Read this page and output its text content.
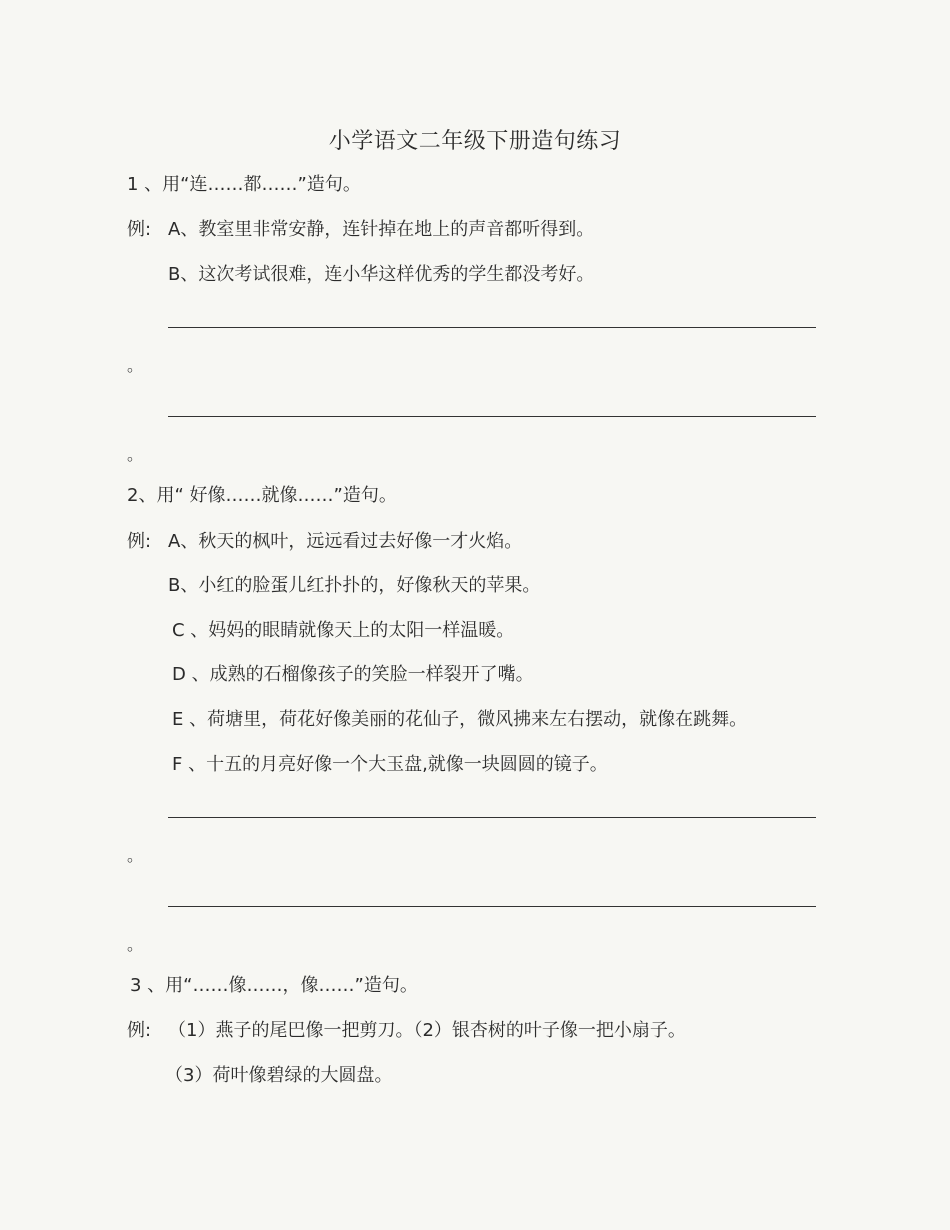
小学语文二年级下册造句练习
1 、用“连……都……”造句。
例: A、教室里非常安静，连针掉在地上的声音都听得到。
B、这次考试很难，连小华这样优秀的学生都没考好。
。
。
2、用“ 好像……就像……”造句。
例: A、秋天的枫叶，远远看过去好像一才火焰。
B、小红的脸蛋儿红扑扑的，好像秋天的苹果。
C 、妈妈的眼睛就像天上的太阳一样温暖。
D 、成熟的石榴像孩子的笑脸一样裂开了嘴。
E 、荷塘里，荷花好像美丽的花仙子，微风拂来左右摆动，就像在跳舞。
F 、十五的月亮好像一个大玉盘,就像一块圆圆的镜子。
。
。
3 、用“……像……，像……”造句。
例: （1）燕子的尾巴像一把剪刀。（2）银杏树的叶子像一把小扇子。
（3）荷叶像碧绿的大圆盘。
